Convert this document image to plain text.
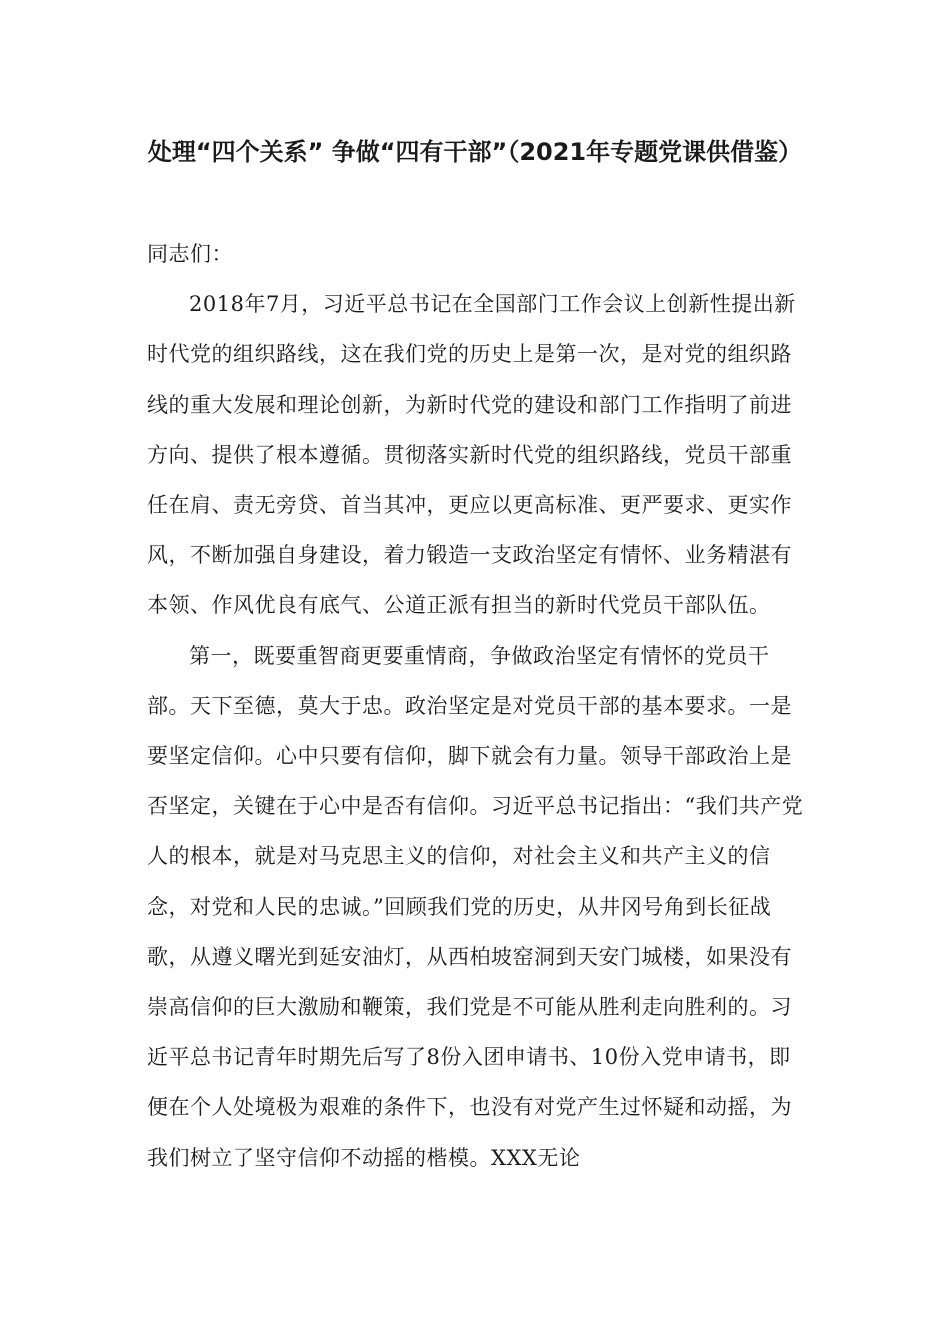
处理“四个关系” 争做“四有干部”（2021年专题党课供借鉴）

同志们：

2018年7月，习近平总书记在全国部门工作会议上创新性提出新时代党的组织路线，这在我们党的历史上是第一次，是对党的组织路线的重大发展和理论创新，为新时代党的建设和部门工作指明了前进方向、提供了根本遵循。贯彻落实新时代党的组织路线，党员干部重任在肩、责无旁贷、首当其冲，更应以更高标准、更严要求、更实作风，不断加强自身建设，着力锻造一支政治坚定有情怀、业务精湛有本领、作风优良有底气、公道正派有担当的新时代党员干部队伍。

第一，既要重智商更要重情商，争做政治坚定有情怀的党员干部。天下至德，莫大于忠。政治坚定是对党员干部的基本要求。一是要坚定信仰。心中只要有信仰，脚下就会有力量。领导干部政治上是否坚定，关键在于心中是否有信仰。习近平总书记指出：“我们共产党人的根本，就是对马克思主义的信仰，对社会主义和共产主义的信念，对党和人民的忠诚。”回顾我们党的历史，从井冈号角到长征战歌，从遵义曙光到延安油灯，从西柏坡窑洞到天安门城楼，如果没有崇高信仰的巨大激励和鞭策，我们党是不可能从胜利走向胜利的。习近平总书记青年时期先后写了8份入团申请书、10份入党申请书，即便在个人处境极为艰难的条件下，也没有对党产生过怀疑和动摇，为我们树立了坚守信仰不动摇的楷模。XXX无论
